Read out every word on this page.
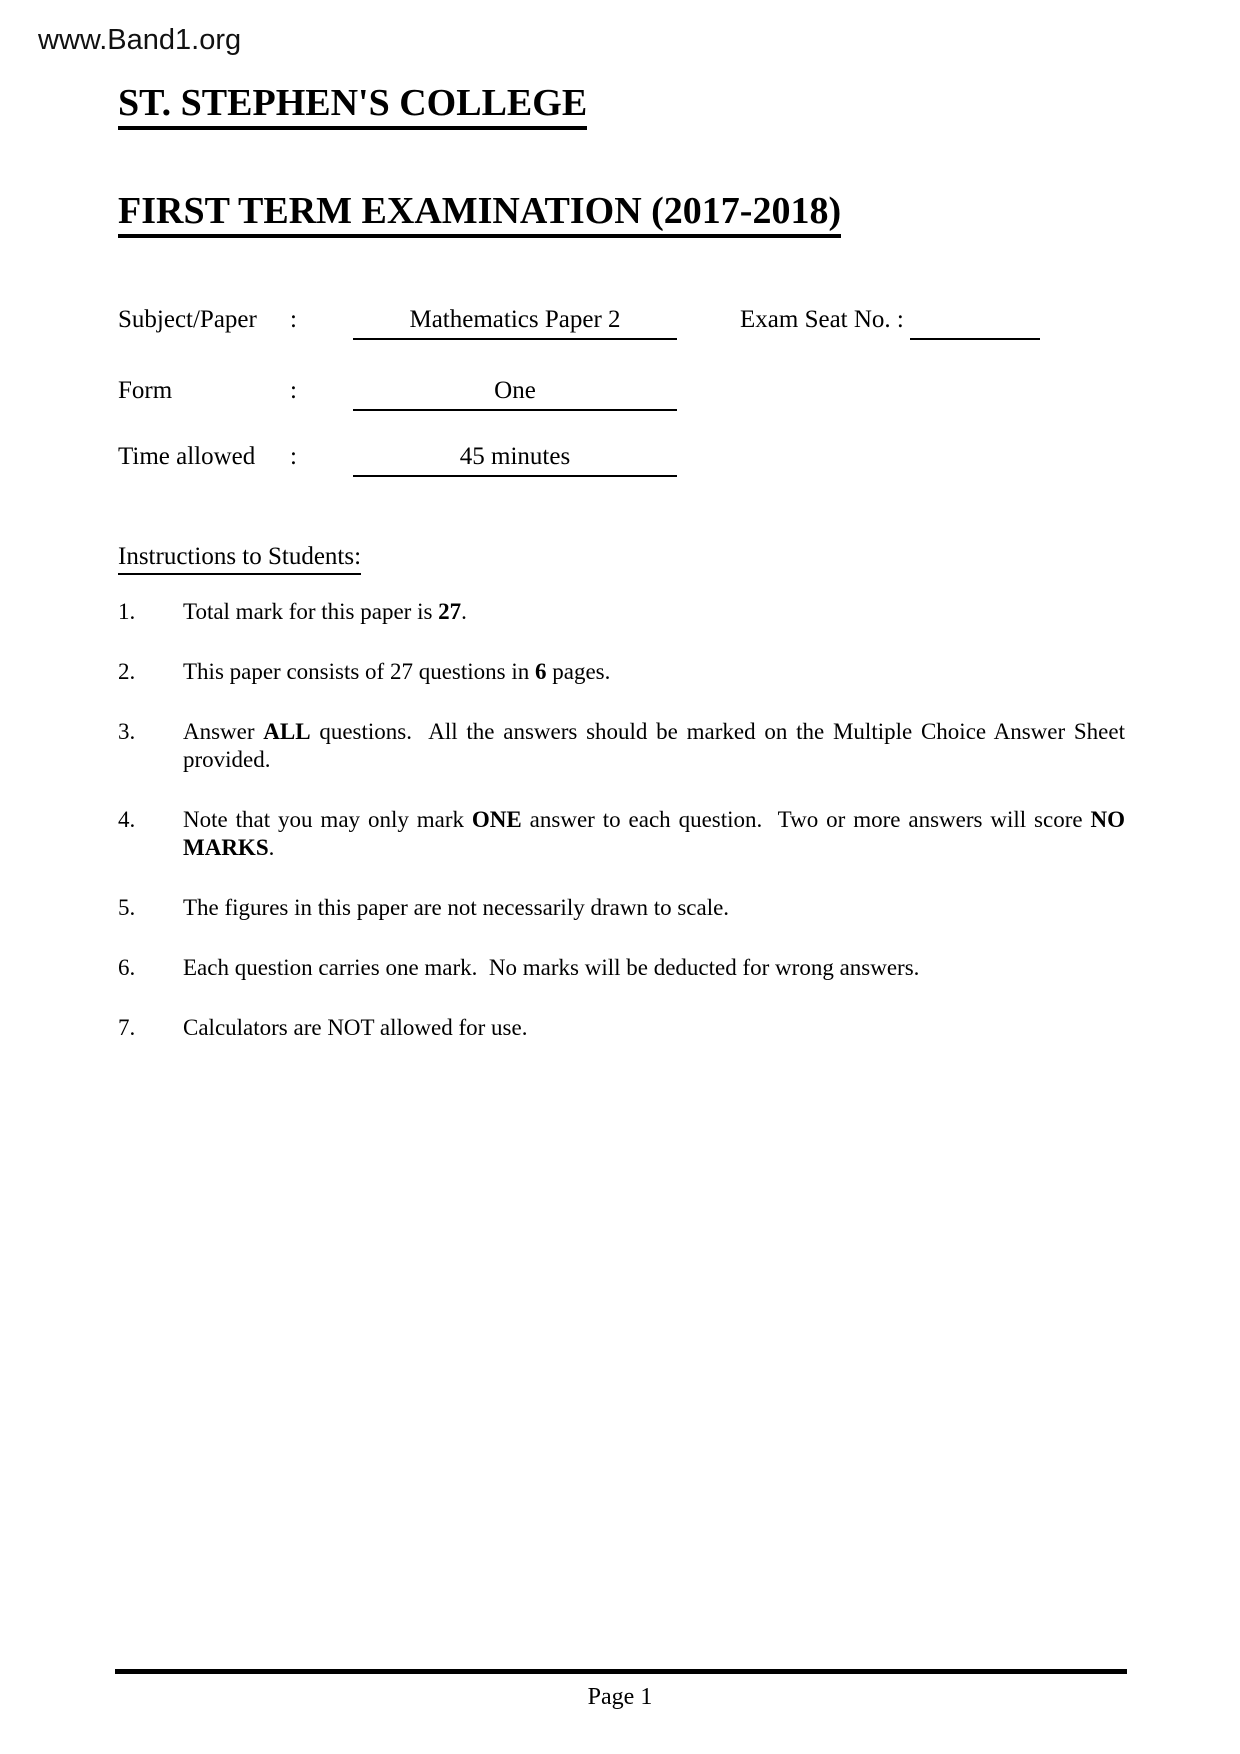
www.Band1.org
ST. STEPHEN'S COLLEGE
FIRST TERM EXAMINATION (2017-2018)
Subject/Paper :	Mathematics Paper 2	Exam Seat No. :
Form	:	One
Time allowed :	45 minutes
Instructions to Students:
1.	Total mark for this paper is 27.
2.	This paper consists of 27 questions in 6 pages.
3.	Answer ALL questions.  All the answers should be marked on the Multiple Choice Answer Sheet provided.
4.	Note that you may only mark ONE answer to each question.  Two or more answers will score NO MARKS.
5.	The figures in this paper are not necessarily drawn to scale.
6.	Each question carries one mark.  No marks will be deducted for wrong answers.
7.	Calculators are NOT allowed for use.
Page 1
